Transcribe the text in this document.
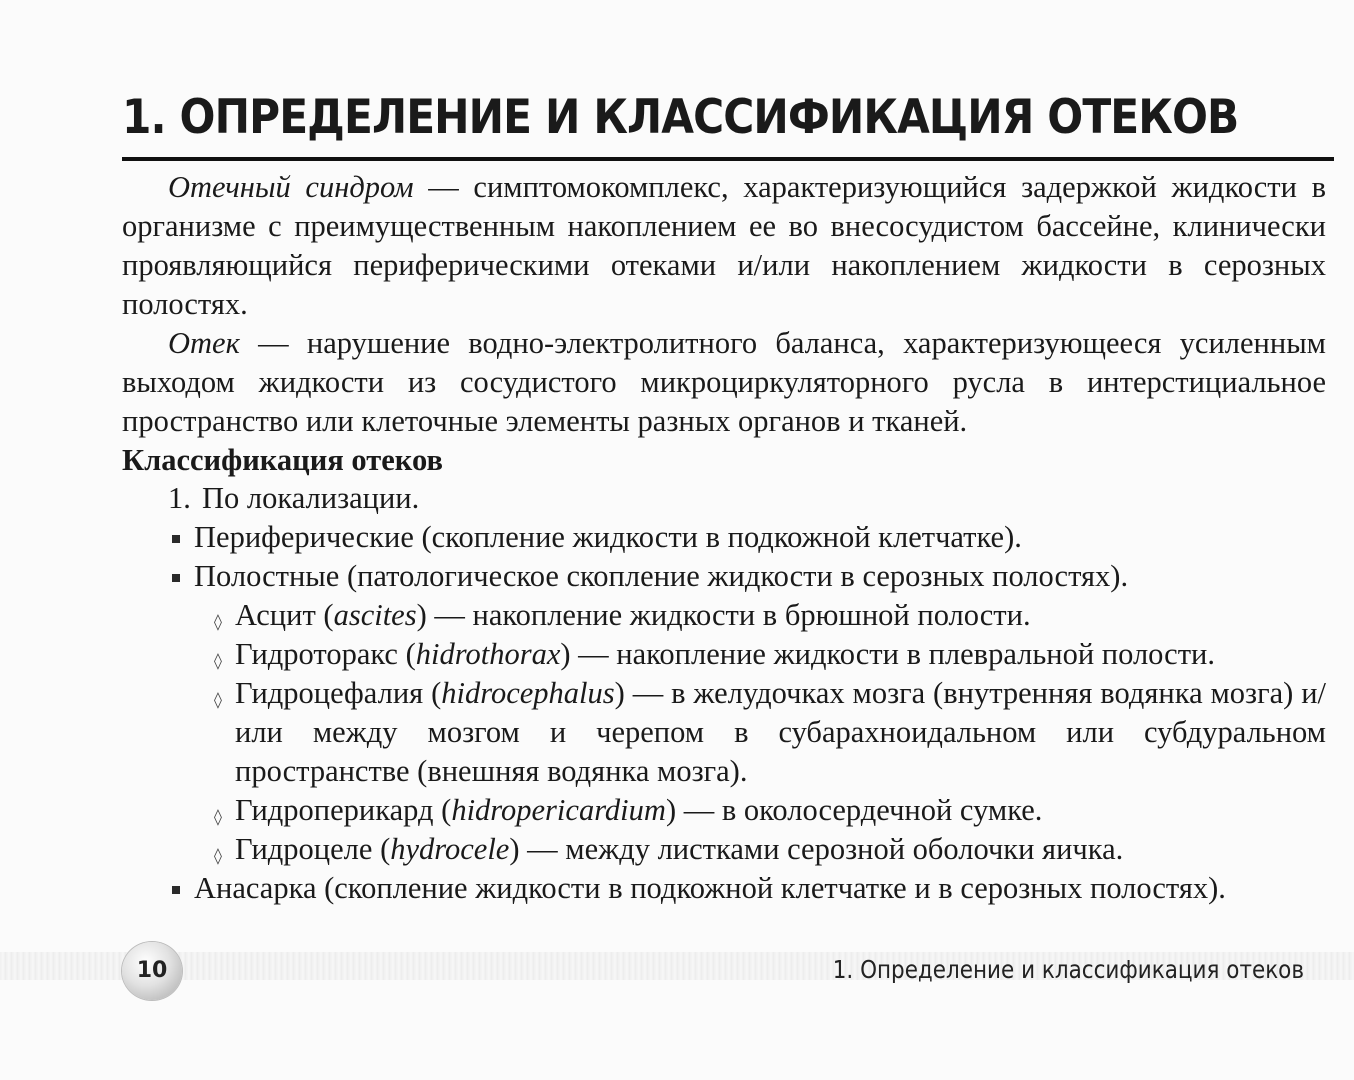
1. ОПРЕДЕЛЕНИЕ И КЛАССИФИКАЦИЯ ОТЕКОВ

Отечный синдром — симптомокомплекс, характеризующийся задержкой жидкости в организме с преимущественным накоплением ее во внесосудистом бассейне, клинически проявляющийся периферическими отеками и/или накоплением жидкости в серозных полостях.

Отек — нарушение водно-электролитного баланса, характеризующееся усиленным выходом жидкости из сосудистого микроциркуляторного русла в интерстициальное пространство или клеточные элементы разных органов и тканей.

Классификация отеков

1. По локализации.
Периферические (скопление жидкости в подкожной клетчатке).
Полостные (патологическое скопление жидкости в серозных полостях).
◊ Асцит (ascites) — накопление жидкости в брюшной полости.
◊ Гидроторакс (hidrothorax) — накопление жидкости в плевральной полости.
◊ Гидроцефалия (hidrocephalus) — в желудочках мозга (внутренняя водянка мозга) и/или между мозгом и черепом в субарахноидальном или субдуральном пространстве (внешняя водянка мозга).
◊ Гидроперикард (hidropericardium) — в околосердечной сумке.
◊ Гидроцеле (hydrocele) — между листками серозной оболочки яичка.
Анасарка (скопление жидкости в подкожной клетчатке и в серозных полостях).
10	1. Определение и классификация отеков
